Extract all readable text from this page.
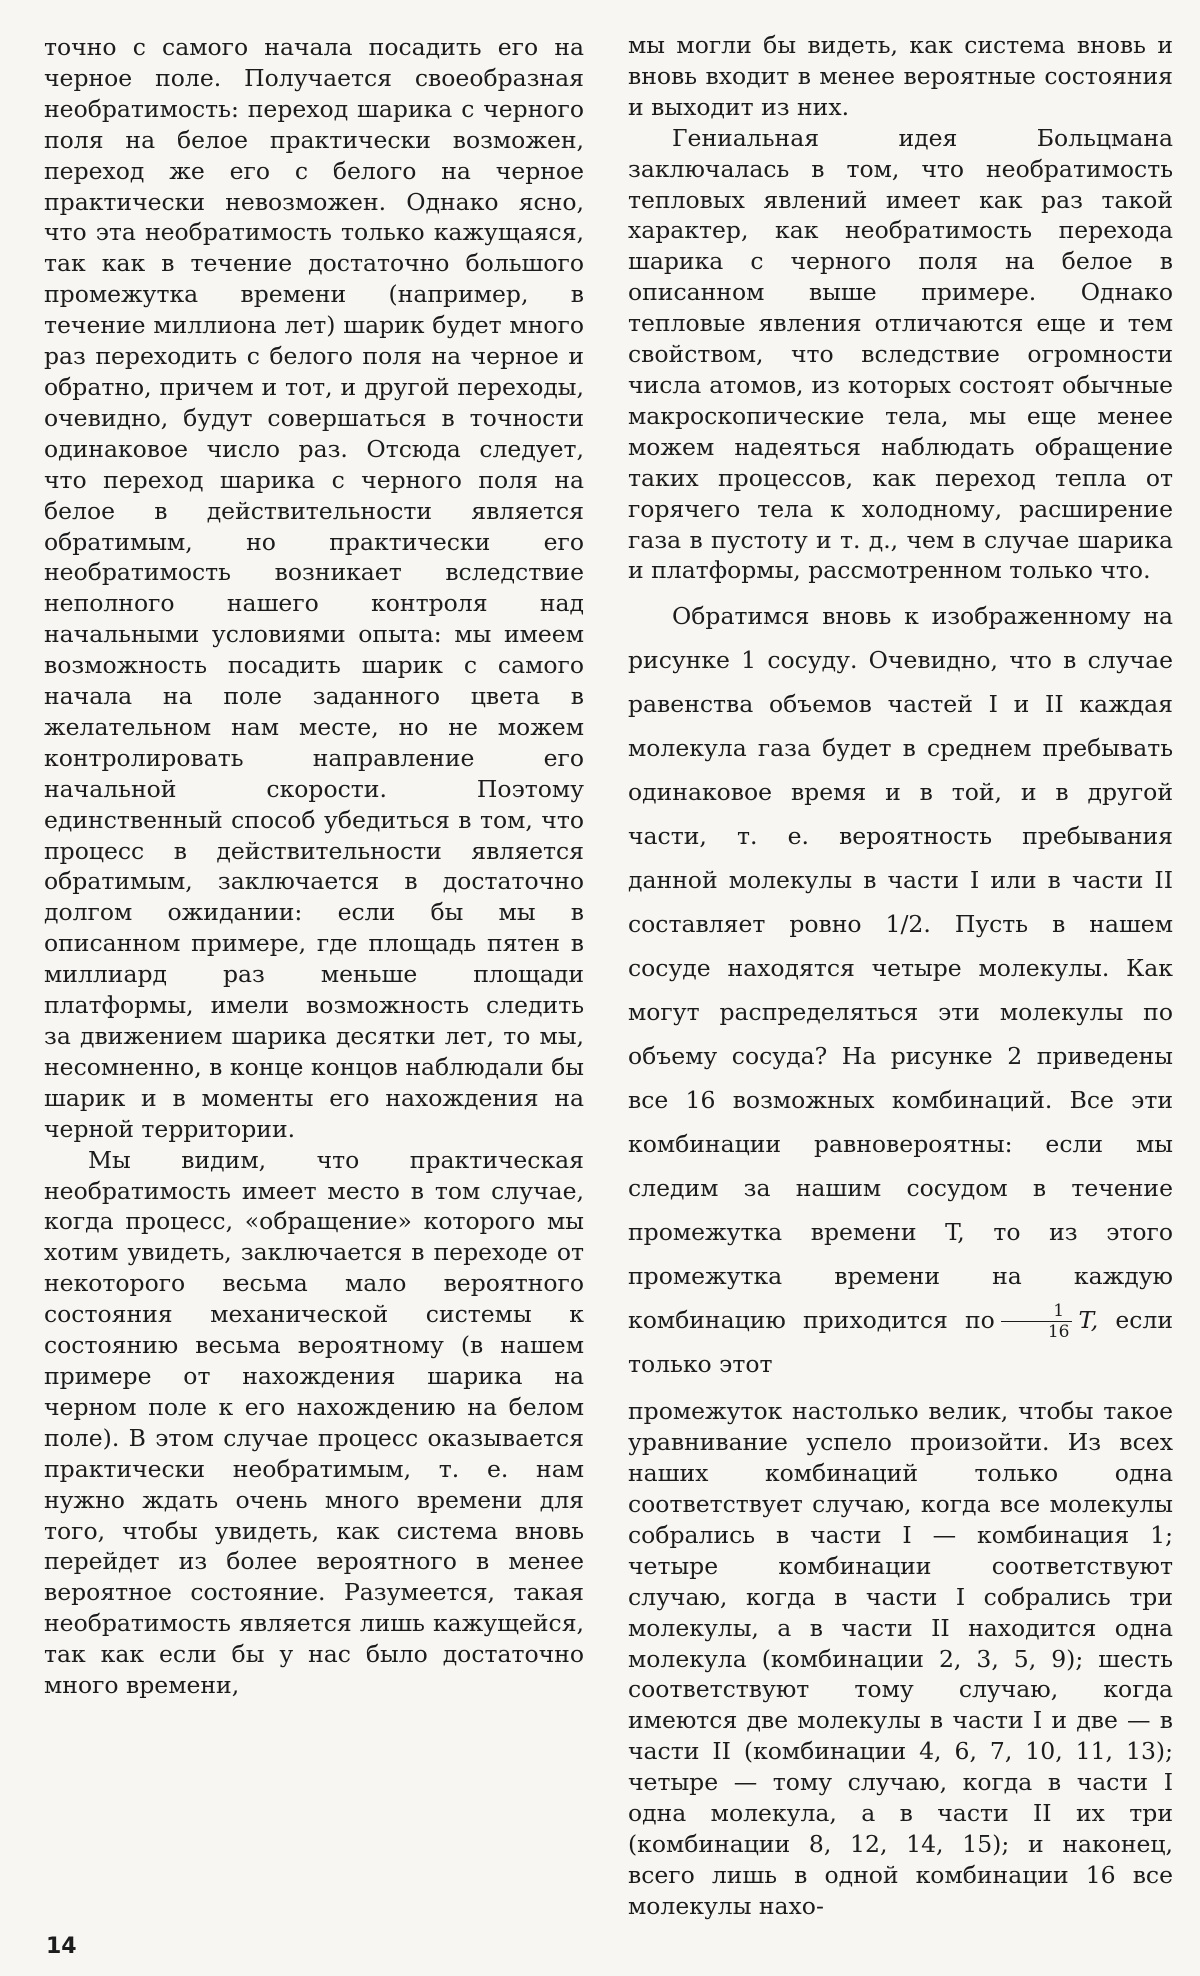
точно с самого начала посадить его на черное поле. Получается своеобразная необратимость: переход шарика с черного поля на белое практически возможен, переход же его с белого на черное практически невозможен. Однако ясно, что эта необратимость только кажущаяся, так как в течение достаточно большого промежутка времени (например, в течение миллиона лет) шарик будет много раз переходить с белого поля на черное и обратно, причем и тот, и другой переходы, очевидно, будут совершаться в точности одинаковое число раз. Отсюда следует, что переход шарика с черного поля на белое в действительности является обратимым, но практически его необратимость возникает вследствие неполного нашего контроля над начальными условиями опыта: мы имеем возможность посадить шарик с самого начала на поле заданного цвета в желательном нам месте, но не можем контролировать направление его начальной скорости. Поэтому единственный способ убедиться в том, что процесс в действительности является обратимым, заключается в достаточно долгом ожидании: если бы мы в описанном примере, где площадь пятен в миллиард раз меньше площади платформы, имели возможность следить за движением шарика десятки лет, то мы, несомненно, в конце концов наблюдали бы шарик и в моменты его нахождения на черной территории.

Мы видим, что практическая необратимость имеет место в том случае, когда процесс, «обращение» которого мы хотим увидеть, заключается в переходе от некоторого весьма мало вероятного состояния механической системы к состоянию весьма вероятному (в нашем примере от нахождения шарика на черном поле к его нахождению на белом поле). В этом случае процесс оказывается практически необратимым, т. е. нам нужно ждать очень много времени для того, чтобы увидеть, как система вновь перейдет из более вероятного в менее вероятное состояние. Разумеется, такая необратимость является лишь кажущейся, так как если бы у нас было достаточно много времени,

мы могли бы видеть, как система вновь и вновь входит в менее вероятные состояния и выходит из них.

Гениальная идея Больцмана заключалась в том, что необратимость тепловых явлений имеет как раз такой характер, как необратимость перехода шарика с черного поля на белое в описанном выше примере. Однако тепловые явления отличаются еще и тем свойством, что вследствие огромности числа атомов, из которых состоят обычные макроскопические тела, мы еще менее можем надеяться наблюдать обращение таких процессов, как переход тепла от горячего тела к холодному, расширение газа в пустоту и т. д., чем в случае шарика и платформы, рассмотренном только что.

Обратимся вновь к изображенному на рисунке 1 сосуду. Очевидно, что в случае равенства объемов частей I и II каждая молекула газа будет в среднем пребывать одинаковое время и в той, и в другой части, т. е. вероятность пребывания данной молекулы в части I или в части II составляет ровно 1/2. Пусть в нашем сосуде находятся четыре молекулы. Как могут распределяться эти молекулы по объему сосуда? На рисунке 2 приведены все 16 возможных комбинаций. Все эти комбинации равновероятны: если мы следим за нашим сосудом в течение промежутка времени T, то из этого промежутка времени на каждую комбинацию приходится по $\frac{1}{16} T$, если только этот

промежуток настолько велик, чтобы такое уравнивание успело произойти. Из всех наших комбинаций только одна соответствует случаю, когда все молекулы собрались в части I — комбинация 1; четыре комбинации соответствуют случаю, когда в части I собрались три молекулы, а в части II находится одна молекула (комбинации 2, 3, 5, 9); шесть соответствуют тому случаю, когда имеются две молекулы в части I и две — в части II (комбинации 4, 6, 7, 10, 11, 13); четыре — тому случаю, когда в части I одна молекула, а в части II их три (комбинации 8, 12, 14, 15); и наконец, всего лишь в одной комбинации 16 все молекулы нахо-

14
